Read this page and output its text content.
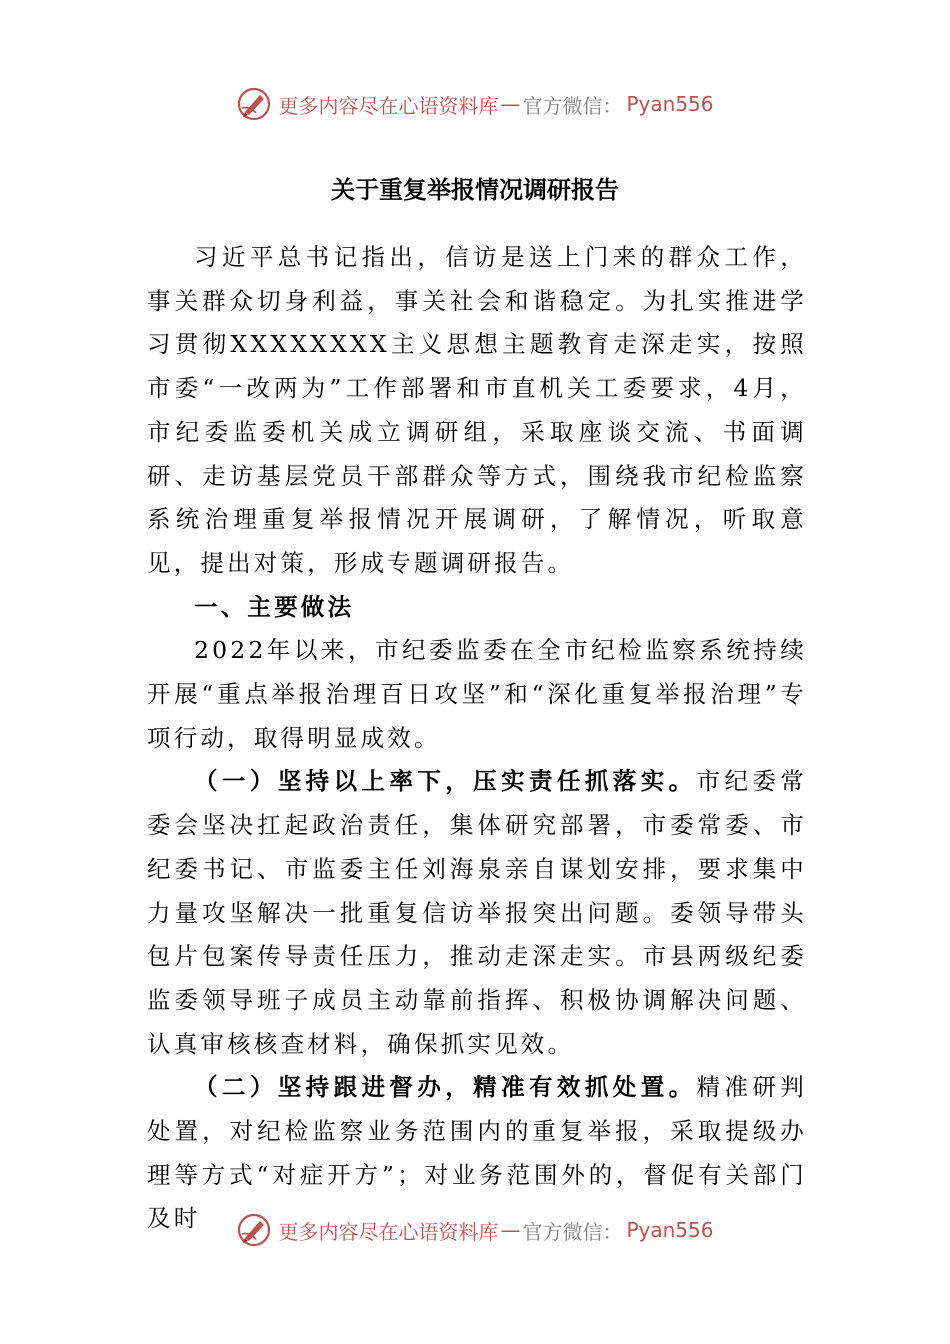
更多内容尽在心语资料库 — 官方微信： Pyan556
关于重复举报情况调研报告

习近平总书记指出，信访是送上门来的群众工作，事关群众切身利益，事关社会和谐稳定。为扎实推进学习贯彻XXXXXXXX主义思想主题教育走深走实，按照市委“一改两为”工作部署和市直机关工委要求，4月，市纪委监委机关成立调研组，采取座谈交流、书面调研、走访基层党员干部群众等方式，围绕我市纪检监察系统治理重复举报情况开展调研，了解情况，听取意见，提出对策，形成专题调研报告。

一、主要做法

2022年以来，市纪委监委在全市纪检监察系统持续开展“重点举报治理百日攻坚”和“深化重复举报治理”专项行动，取得明显成效。

（一）坚持以上率下，压实责任抓落实。市纪委常委会坚决扛起政治责任，集体研究部署，市委常委、市纪委书记、市监委主任刘海泉亲自谋划安排，要求集中力量攻坚解决一批重复信访举报突出问题。委领导带头包片包案传导责任压力，推动走深走实。市县两级纪委监委领导班子成员主动靠前指挥、积极协调解决问题、认真审核核查材料，确保抓实见效。

（二）坚持跟进督办，精准有效抓处置。精准研判处置，对纪检监察业务范围内的重复举报，采取提级办理等方式“对症开方”；对业务范围外的，督促有关部门及时	更多内容尽在心语资料库 — 官方微信： Pyan556
